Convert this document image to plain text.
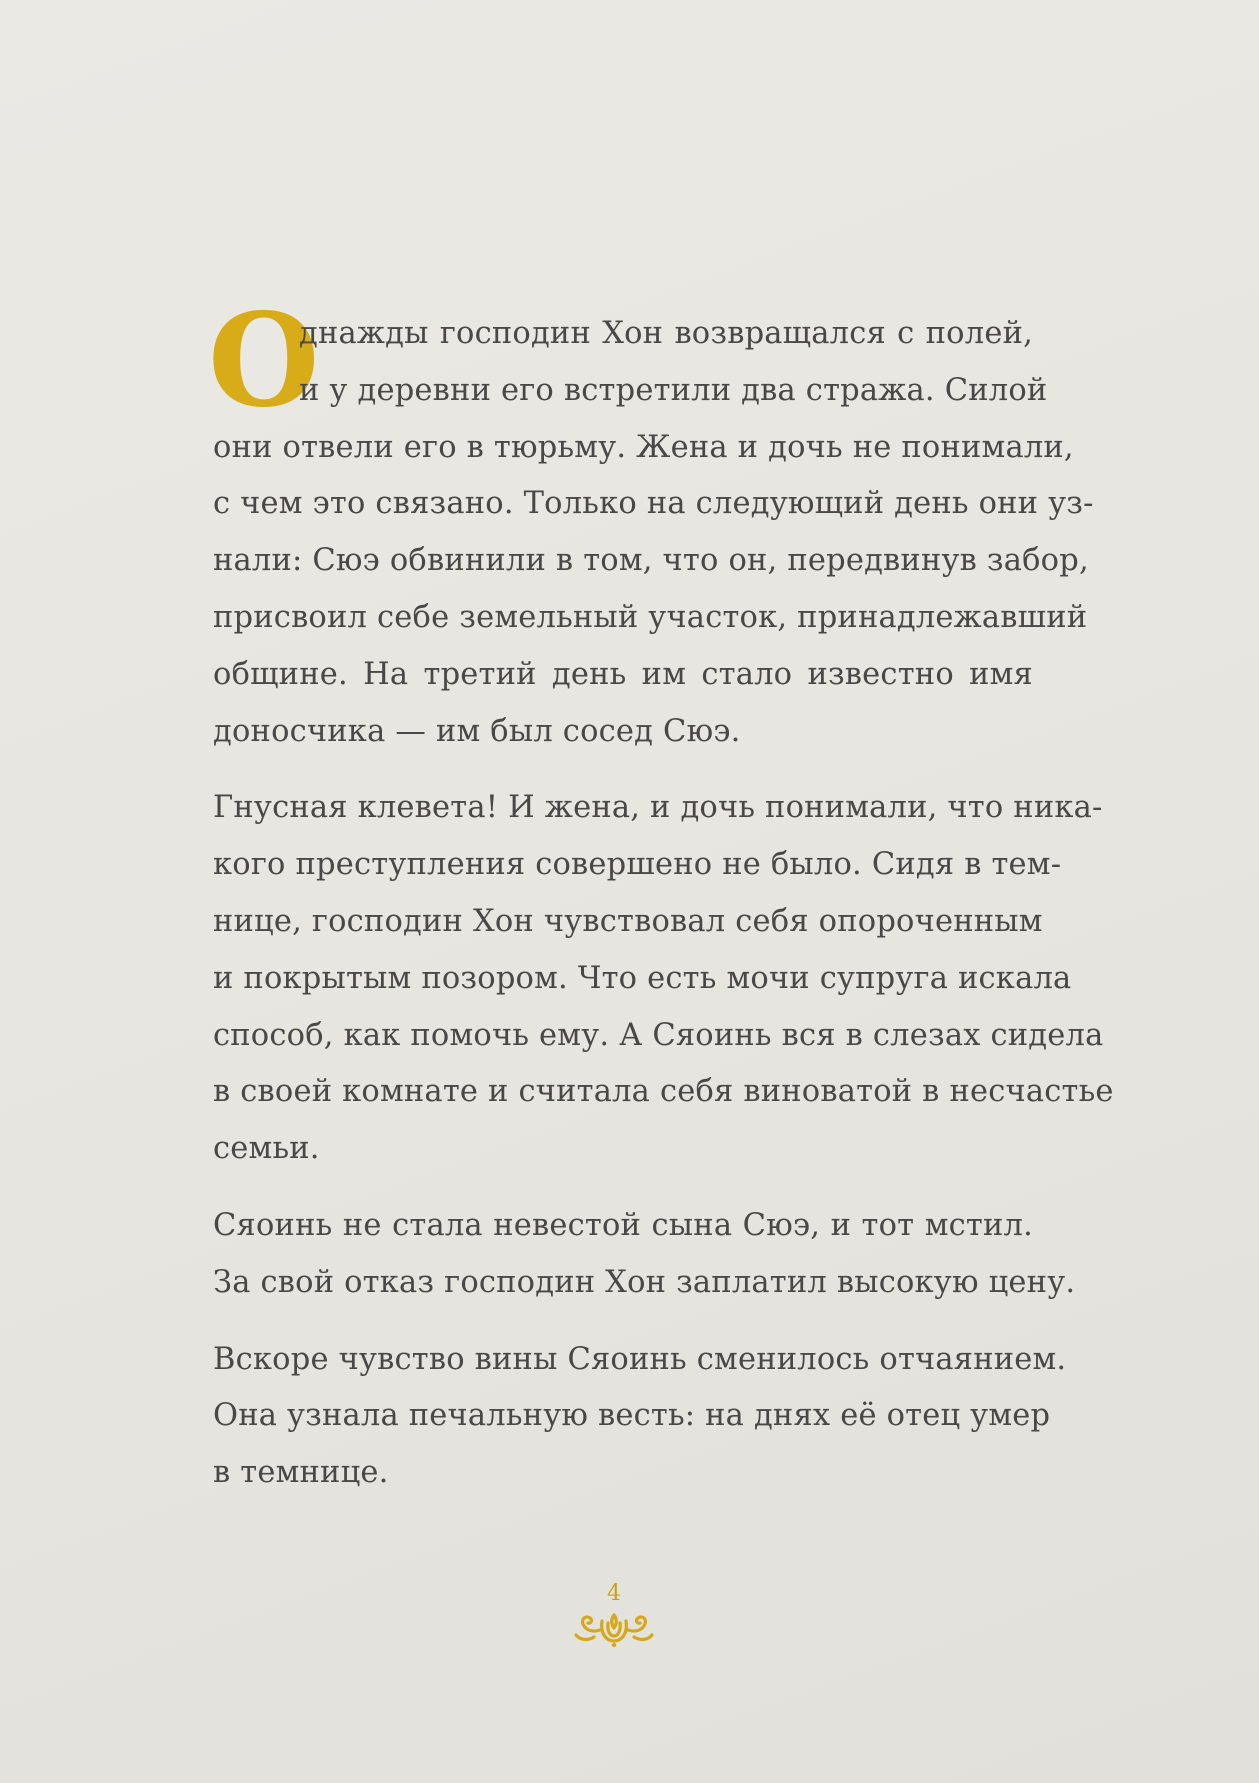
О

днажды господин Хон возвращался с полей,
и у деревни его встретили два стража. Силой
они отвели его в тюрьму. Жена и дочь не понимали,
с чем это связано. Только на следующий день они уз-
нали: Сюэ обвинили в том, что он, передвинув забор,
присвоил себе земельный участок, принадлежавший
общине. На третий день им стало известно имя
доносчика — им был сосед Сюэ.

Гнусная клевета! И жена, и дочь понимали, что ника-
кого преступления совершено не было. Сидя в тем-
нице, господин Хон чувствовал себя опороченным
и покрытым позором. Что есть мочи супруга искала
способ, как помочь ему. А Сяоинь вся в слезах сидела
в своей комнате и считала себя виноватой в несчастье
семьи.

Сяоинь не стала невестой сына Сюэ, и тот мстил.
За свой отказ господин Хон заплатил высокую цену.

Вскоре чувство вины Сяоинь сменилось отчаянием.
Она узнала печальную весть: на днях её отец умер
в темнице.

4
